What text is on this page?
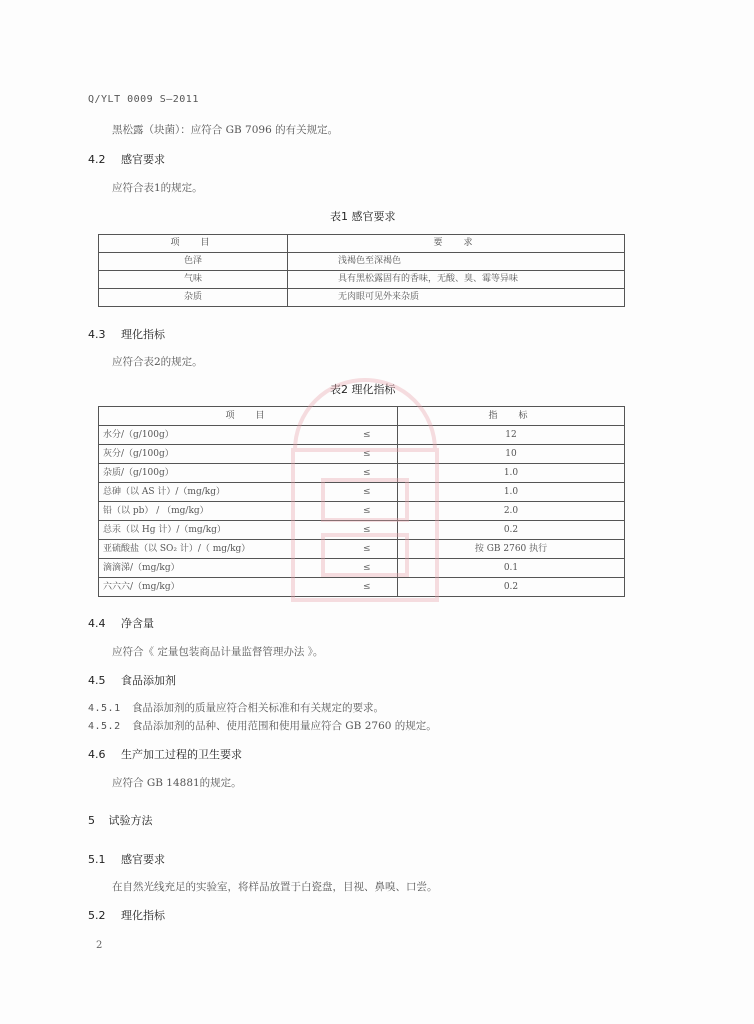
Q/YLT 0009 S—2011
黑松露（块菌）：应符合 GB 7096 的有关规定。
4.2 感官要求
应符合表1的规定。
表1 感官要求
项　目	要　求
色泽	浅褐色至深褐色
气味	具有黑松露固有的香味，无酸、臭、霉等异味
杂质	无肉眼可见外来杂质
4.3 理化指标
应符合表2的规定。
表2 理化指标
项　目		指　标
水分/（g/100g）	≤	12
灰分/（g/100g）	≤	10
杂质/（g/100g）	≤	1.0
总砷（以 AS 计）/（mg/kg）	≤	1.0
铅（以 pb） / （mg/kg）	≤	2.0
总汞（以 Hg 计）/（mg/kg）	≤	0.2
亚硫酸盐（以 SO₂ 计）/（ mg/kg）	≤	按 GB 2760 执行
滴滴涕/（mg/kg）	≤	0.1
六六六/（mg/kg）	≤	0.2
4.4 净含量
应符合《 定量包装商品计量监督管理办法 》。
4.5 食品添加剂
4.5.1 食品添加剂的质量应符合相关标准和有关规定的要求。
4.5.2 食品添加剂的品种、使用范围和使用量应符合 GB 2760 的规定。
4.6 生产加工过程的卫生要求
应符合 GB 14881的规定。
5 试验方法
5.1 感官要求
在自然光线充足的实验室，将样品放置于白瓷盘，目视、鼻嗅、口尝。
5.2 理化指标
2
